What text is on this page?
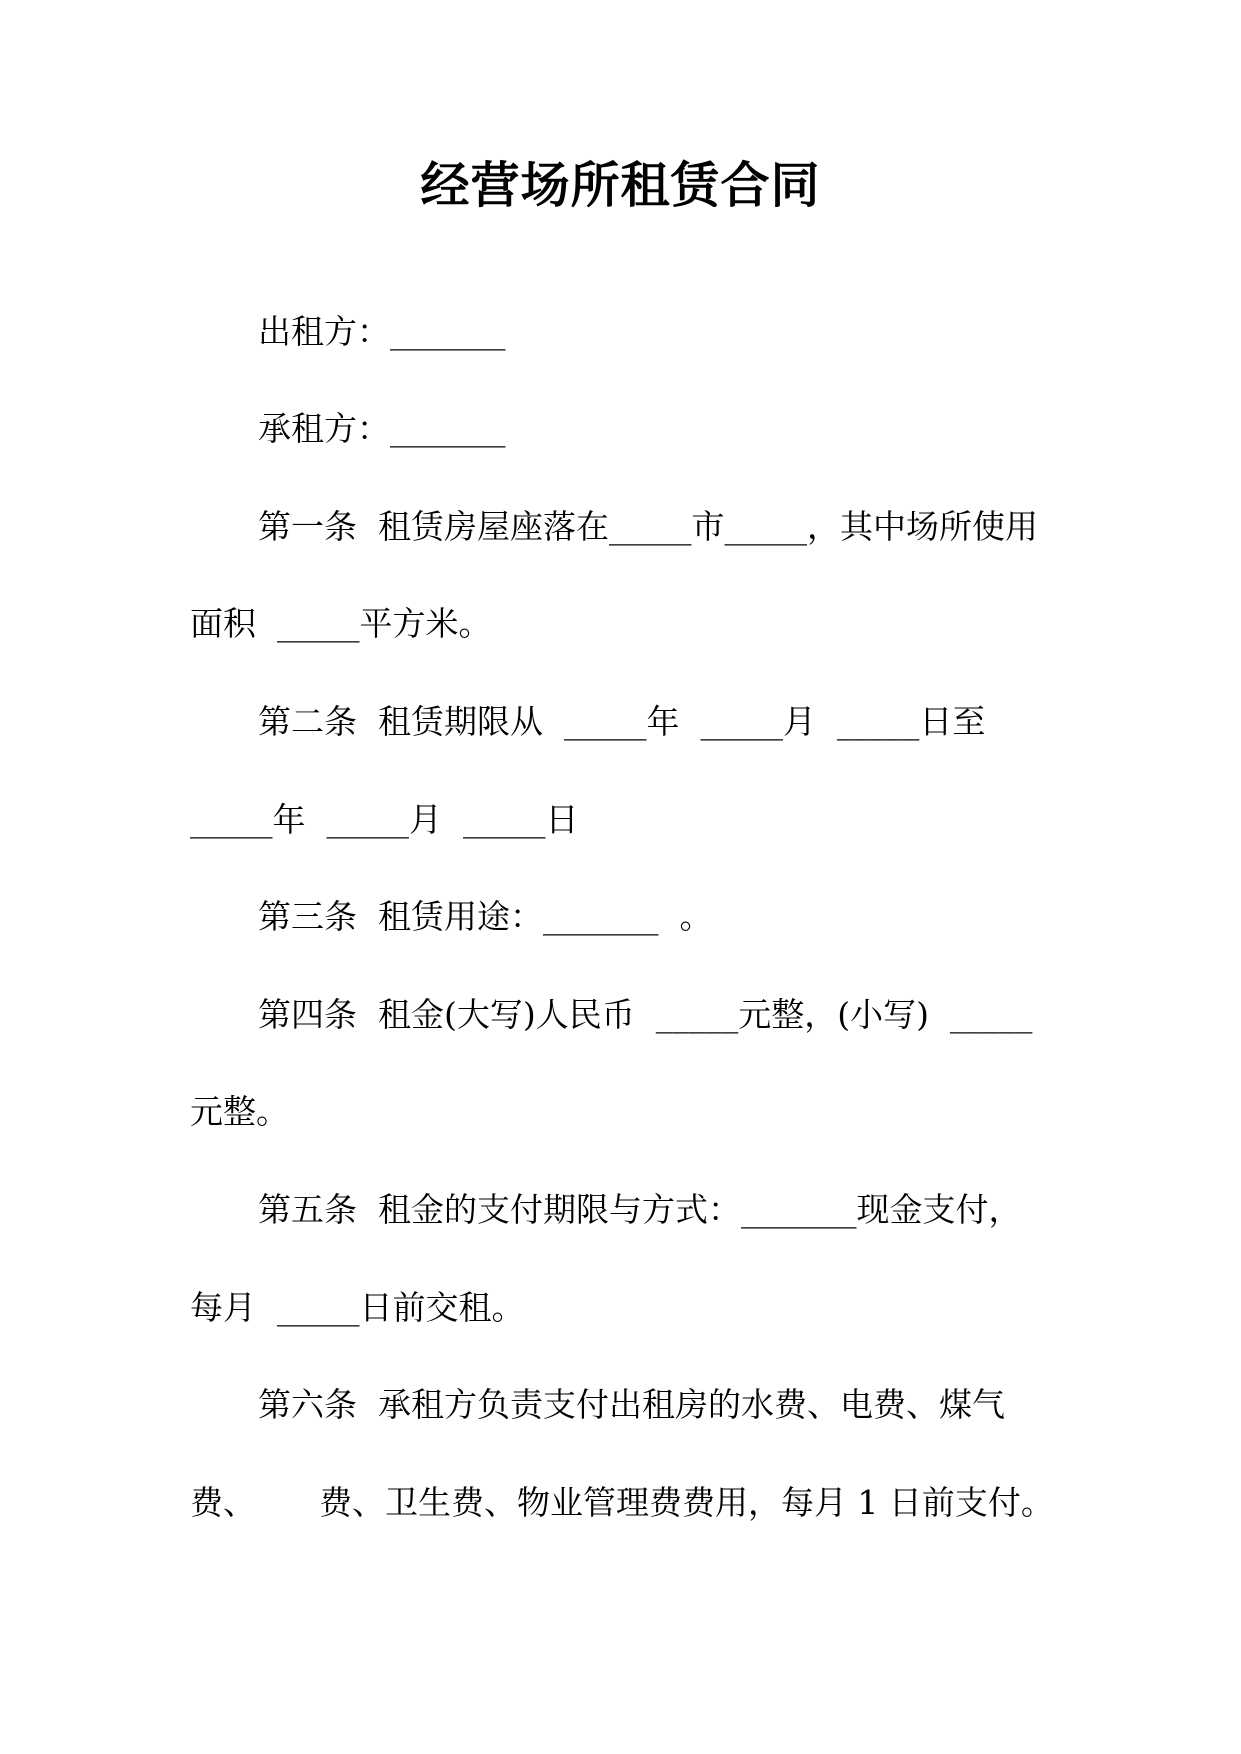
经营场所租赁合同
出租方：_______
承租方：_______
第一条  租赁房屋座落在_____市_____，其中场所使用
面积  _____平方米。
第二条  租赁期限从  _____年  _____月  _____日至
_____年  _____月  _____日
第三条  租赁用途：_______  。
第四条  租金(大写)人民币  _____元整，(小写)  _____
元整。
第五条  租金的支付期限与方式：_______现金支付，
每月  _____日前交租。
第六条  承租方负责支付出租房的水费、电费、煤气
费、      费、卫生费、物业管理费费用，每月 1 日前支付。
